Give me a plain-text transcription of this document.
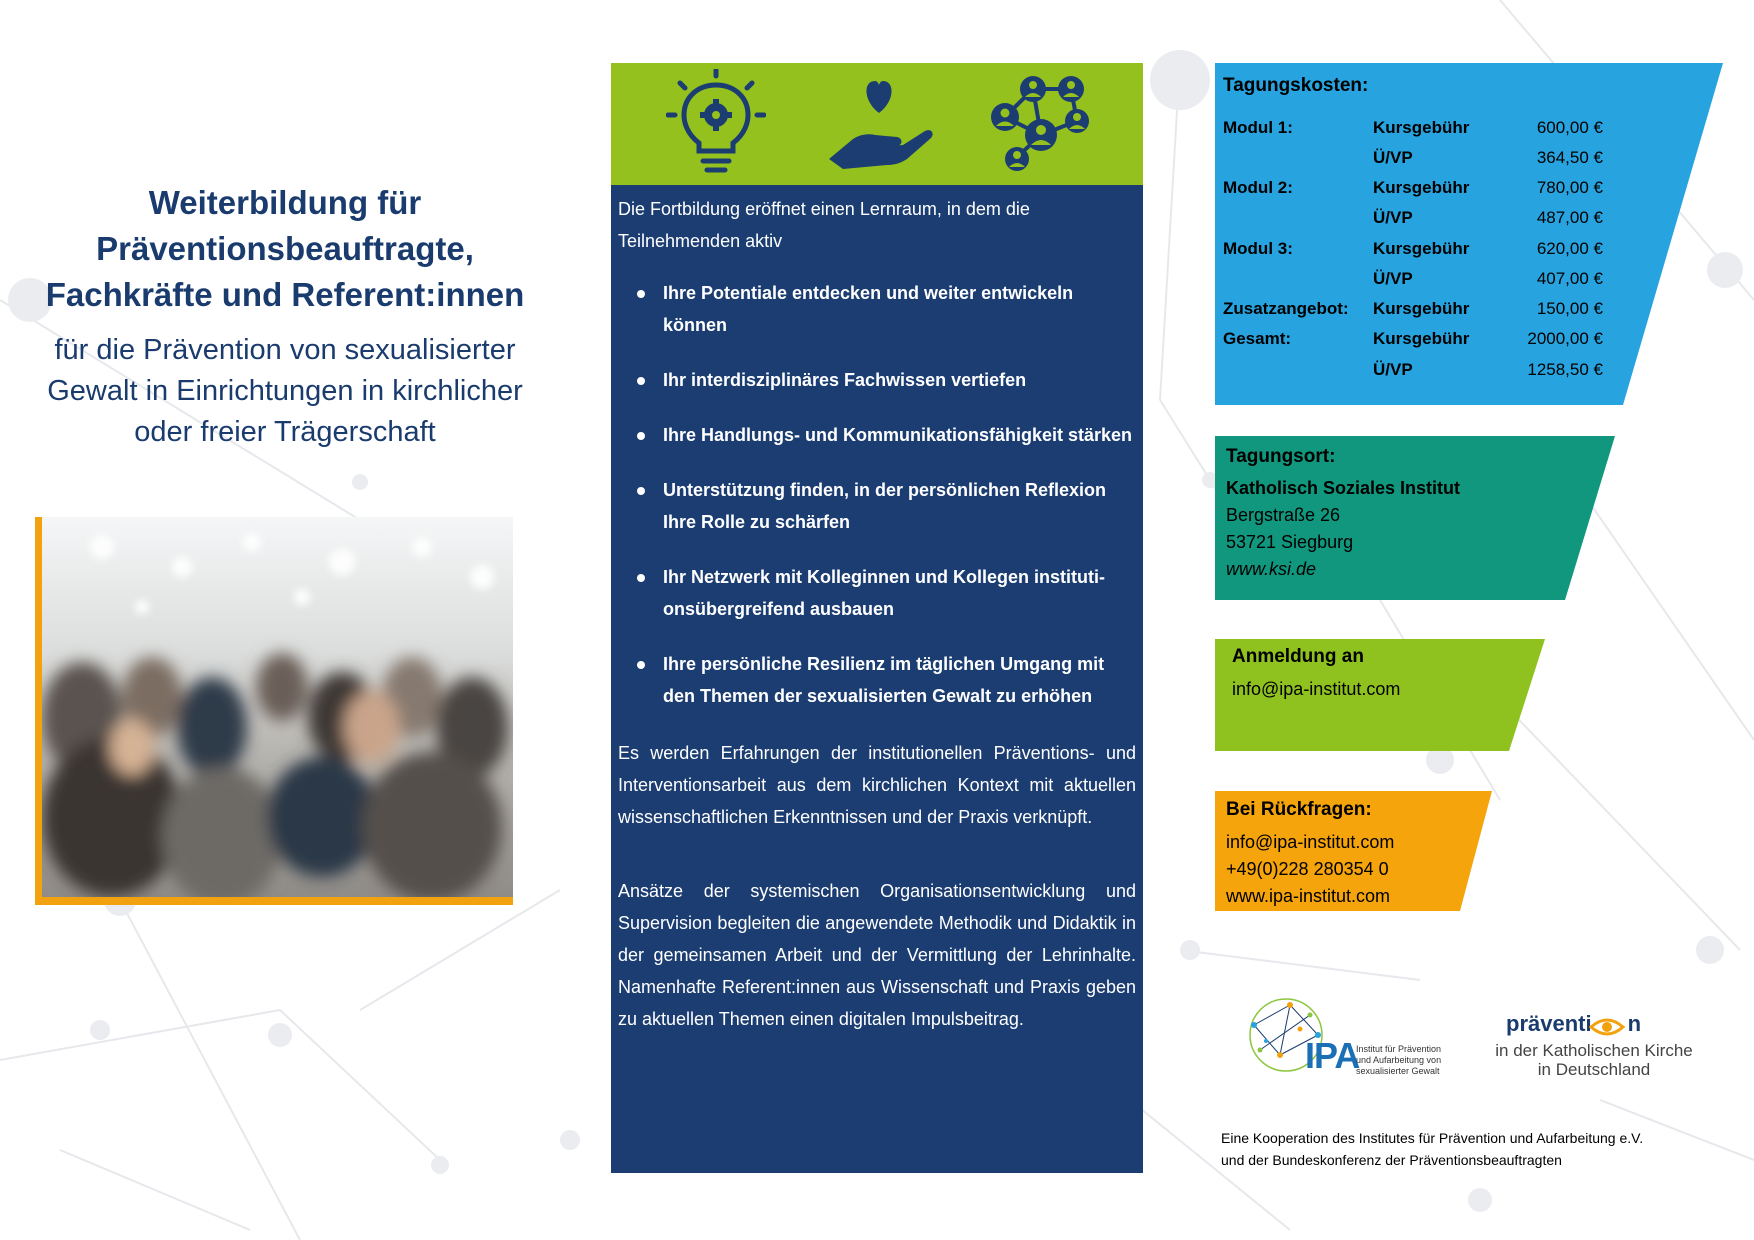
Weiterbildung für
Präventionsbeauftragte,
Fachkräfte und Referent:innen
für die Prävention von sexualisierter
Gewalt in Einrichtungen in kirchlicher
oder freier Trägerschaft
Die Fortbildung eröffnet einen Lernraum, in dem die Teilnehmenden aktiv
Ihre Potentiale entdecken und weiter entwickeln können
Ihr interdisziplinäres Fachwissen vertiefen
Ihre Handlungs- und Kommunikationsfähigkeit stärken
Unterstützung finden, in der persönlichen Reflexion Ihre Rolle zu schärfen
Ihr Netzwerk mit Kolleginnen und Kollegen instituti-onsübergreifend ausbauen
Ihre persönliche Resilienz im täglichen Umgang mit den Themen der sexualisierten Gewalt zu erhöhen
Es werden Erfahrungen der institutionellen Präventions- und Interventionsarbeit aus dem kirchlichen Kontext mit aktuellen wissenschaftlichen Erkenntnissen und der Praxis verknüpft.
Ansätze der systemischen Organisationsentwicklung und Supervision begleiten die angewendete Methodik und Didaktik in der gemeinsamen Arbeit und der Vermittlung der Lehrinhalte. Namenhafte Referent:innen aus Wissenschaft und Praxis geben zu aktuellen Themen einen digitalen Impulsbeitrag.
Tagungskosten:
Modul 1:	Kursgebühr	600,00 €
Ü/VP	364,50 €
Modul 2:	Kursgebühr	780,00 €
Ü/VP	487,00 €
Modul 3:	Kursgebühr	620,00 €
Ü/VP	407,00 €
Zusatzangebot: Kursgebühr	150,00 €
Gesamt:	Kursgebühr	2000,00 €
Ü/VP	1258,50 €
Tagungsort:
Katholisch Soziales Institut
Bergstraße 26
53721 Siegburg
www.ksi.de
Anmeldung an
info@ipa-institut.com
Bei Rückfragen:
info@ipa-institut.com
+49(0)228 280354 0
www.ipa-institut.com
IPA
Institut für Prävention
und Aufarbeitung von
sexualisierter Gewalt
präventi n
in der Katholischen Kirche
in Deutschland
Eine Kooperation des Institutes für Prävention und Aufarbeitung e.V.
und der Bundeskonferenz der Präventionsbeauftragten
